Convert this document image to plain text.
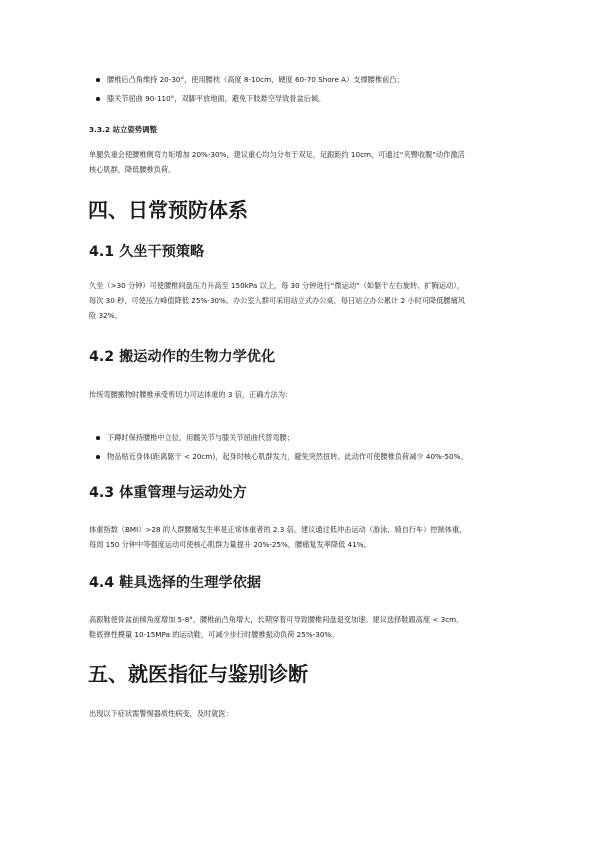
腰椎后凸角维持 20-30°，使用腰枕（高度 8-10cm，硬度 60-70 Shore A）支撑腰椎前凸；
膝关节屈曲 90-110°，双脚平放地面，避免下肢悬空导致骨盆后倾。
3.3.2 站立姿势调整
单腿负重会使腰椎侧弯力矩增加 20%-30%，建议重心均匀分布于双足，足跟距约 10cm，可通过“夹臀收腹”动作激活
核心肌群，降低腰椎负荷。
四、日常预防体系
4.1 久坐干预策略
久坐（>30 分钟）可使腰椎间盘压力升高至 150kPa 以上，每 30 分钟进行“微运动”（如躯干左右旋转、扩胸运动），
每次 30 秒，可使压力峰值降低 25%-30%。办公室人群可采用站立式办公桌，每日站立办公累计 2 小时可降低腰痛风
险 32%。
4.2 搬运动作的生物力学优化
传统弯腰搬物时腰椎承受剪切力可达体重的 3 倍，正确方法为：
下蹲时保持腰椎中立位，用髋关节与膝关节屈曲代替弯腰；
物品贴近身体(距离躯干 < 20cm)，起身时核心肌群发力，避免突然扭转。此动作可使腰椎负荷减少 40%-50%。
4.3 体重管理与运动处方
体重指数（BMI）>28 的人群腰痛发生率是正常体重者的 2.3 倍。建议通过低冲击运动（游泳、骑自行车）控制体重，
每周 150 分钟中等强度运动可使核心肌群力量提升 20%-25%，腰痛复发率降低 41%。
4.4 鞋具选择的生理学依据
高跟鞋使骨盆前倾角度增加 5-8°，腰椎前凸角增大，长期穿着可导致腰椎间盘退变加速。建议选择鞋跟高度 < 3cm、
鞋底弹性模量 10-15MPa 的运动鞋，可减少步行时腰椎振动负荷 25%-30%。
五、就医指征与鉴别诊断
出现以下症状需警惕器质性病变，及时就医：
